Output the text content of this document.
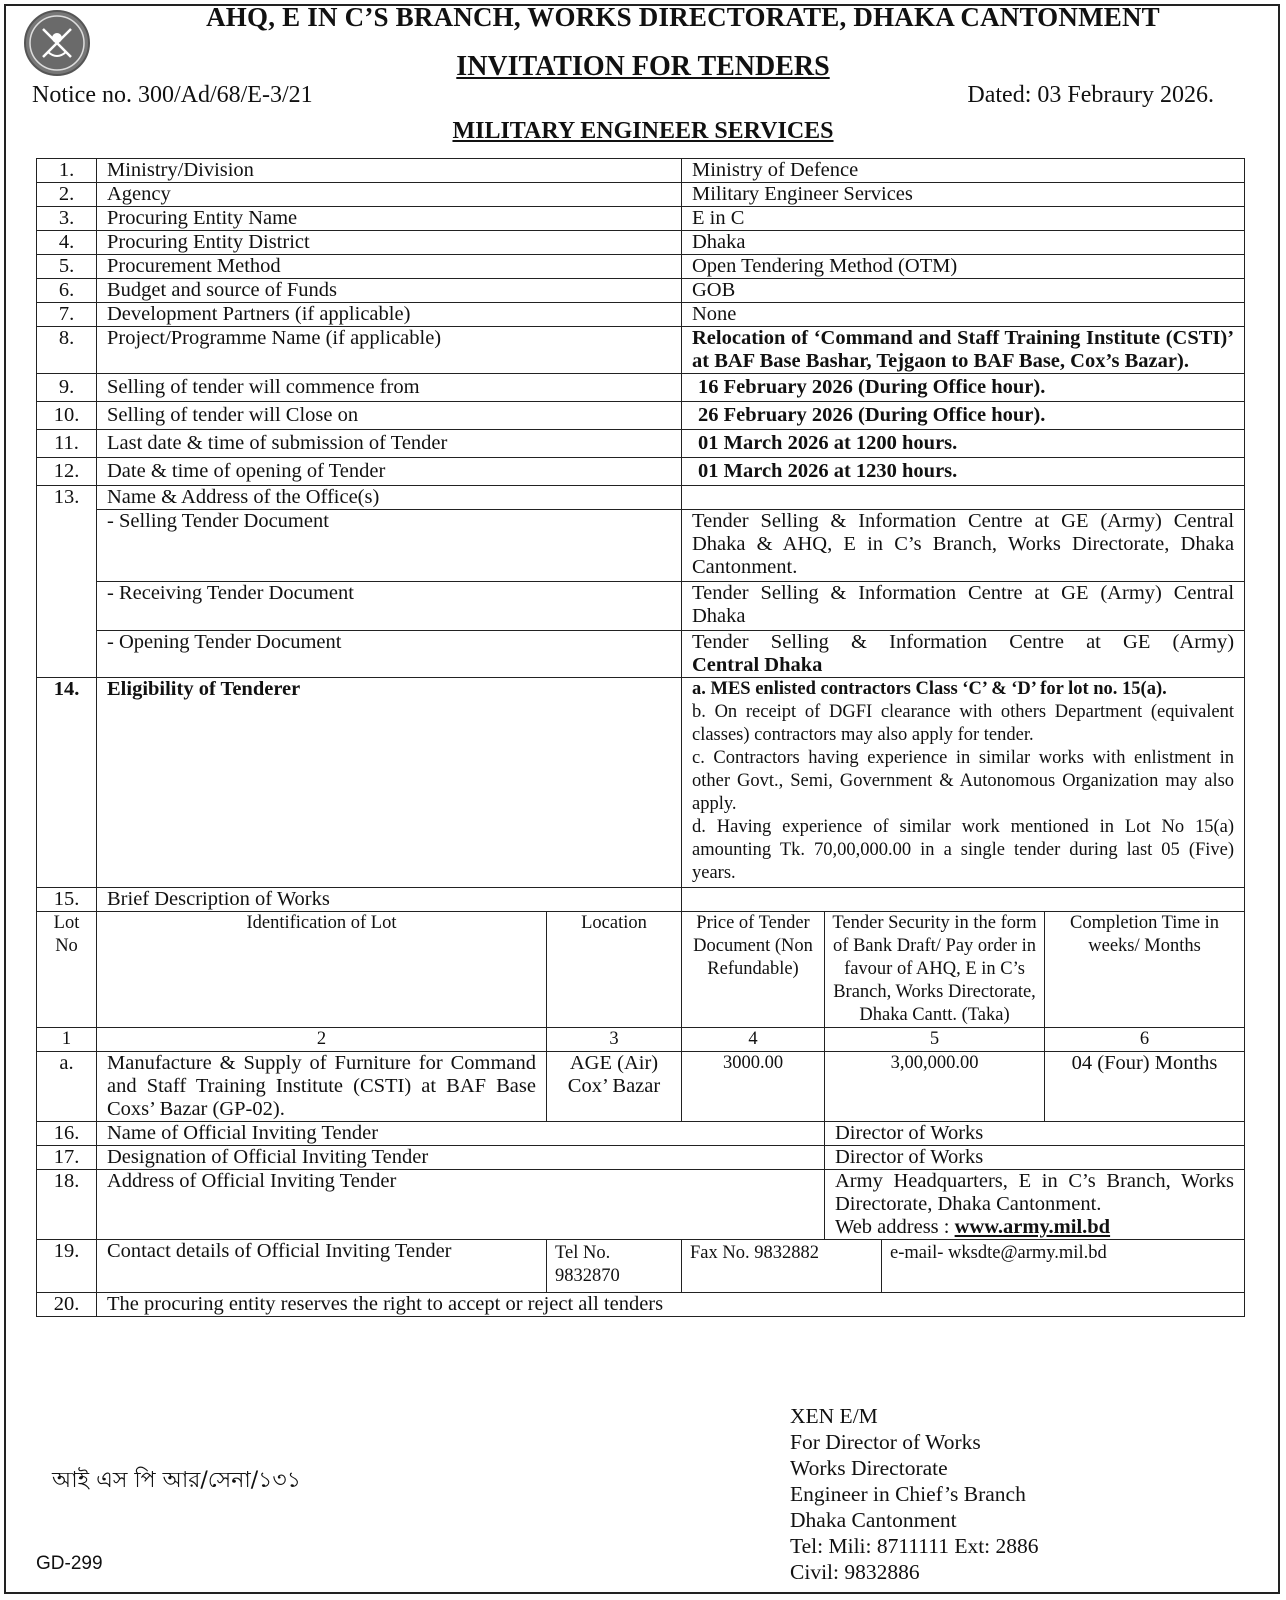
AHQ, E IN C’S BRANCH, WORKS DIRECTORATE, DHAKA CANTONMENT
INVITATION FOR TENDERS
Notice no. 300/Ad/68/E-3/21	Dated: 03 Febraury 2026.
MILITARY ENGINEER SERVICES
1.	Ministry/Division		Ministry of Defence			
2.	Agency		Military Engineer Services			
3.	Procuring Entity Name		E in C			
4.	Procuring Entity District		Dhaka			
5.	Procurement Method		Open Tendering Method (OTM)			
6.	Budget and source of Funds		GOB			
7.	Development Partners (if applicable)		None			
8.	Project/Programme Name (if applicable)		Relocation of ‘Command and Staff Training Institute (CSTI)’ at BAF Base Bashar, Tejgaon to BAF Base, Cox’s Bazar).			
9.	Selling of tender will commence from		16 February 2026 (During Office hour).			
10.	Selling of tender will Close on		26 February 2026 (During Office hour).			
11.	Last date & time of submission of Tender		01 March 2026 at 1200 hours.			
12.	Date & time of opening of Tender		01 March 2026 at 1230 hours.			
13.	Name & Address of the Office(s)					
	- Selling Tender Document		Tender Selling & Information Centre at GE (Army) Central Dhaka & AHQ, E in C’s Branch, Works Directorate, Dhaka Cantonment.			
	- Receiving Tender Document		Tender Selling & Information Centre at GE (Army) Central Dhaka			
	- Opening Tender Document		Tender Selling & Information Centre at GE (Army)
Central Dhaka			

14.	Eligibility of Tenderer		a. MES enlisted contractors Class ‘C’ & ‘D’ for lot no. 15(a).
b. On receipt of DGFI clearance with others Department (equivalent classes) contractors may also apply for tender.
c. Contractors having experience in similar works with enlistment in other Govt., Semi, Government & Autonomous Organization may also apply.
d. Having experience of similar work mentioned in Lot No 15(a) amounting Tk. 70,00,000.00 in a single tender during last 05 (Five) years.			

15.	Brief Description of Works					
Lot No	Identification of Lot	Location	Price of Tender Document (Non Refundable)	Tender Security in the form of Bank Draft/ Pay order in favour of AHQ, E in C’s Branch, Works Directorate, Dhaka Cantt. (Taka)		Completion Time in weeks/ Months
1	2	3	4	5		6
a.	Manufacture & Supply of Furniture for Command and Staff Training Institute (CSTI) at BAF Base Coxs’ Bazar (GP-02).	AGE (Air) Cox’ Bazar	3000.00	3,00,000.00		04 (Four) Months
16.	Name of Official Inviting Tender			Director of Works		
17.	Designation of Official Inviting Tender			Director of Works		
18.	Address of Official Inviting Tender			Army Headquarters, E in C’s Branch, Works Directorate, Dhaka Cantonment.
Web address : www.army.mil.bd		

19.	Contact details of Official Inviting Tender	Tel No. 9832870	Fax No. 9832882		e-mail- wksdte@army.mil.bd	
20.	The procuring entity reserves the right to accept or reject all tenders					
XEN E/M
For Director of Works
Works Directorate
Engineer in Chief’s Branch
Dhaka Cantonment
Tel: Mili: 8711111 Ext: 2886
Civil: 9832886
আই এস পি আর/সেনা/১৩১
GD-299
